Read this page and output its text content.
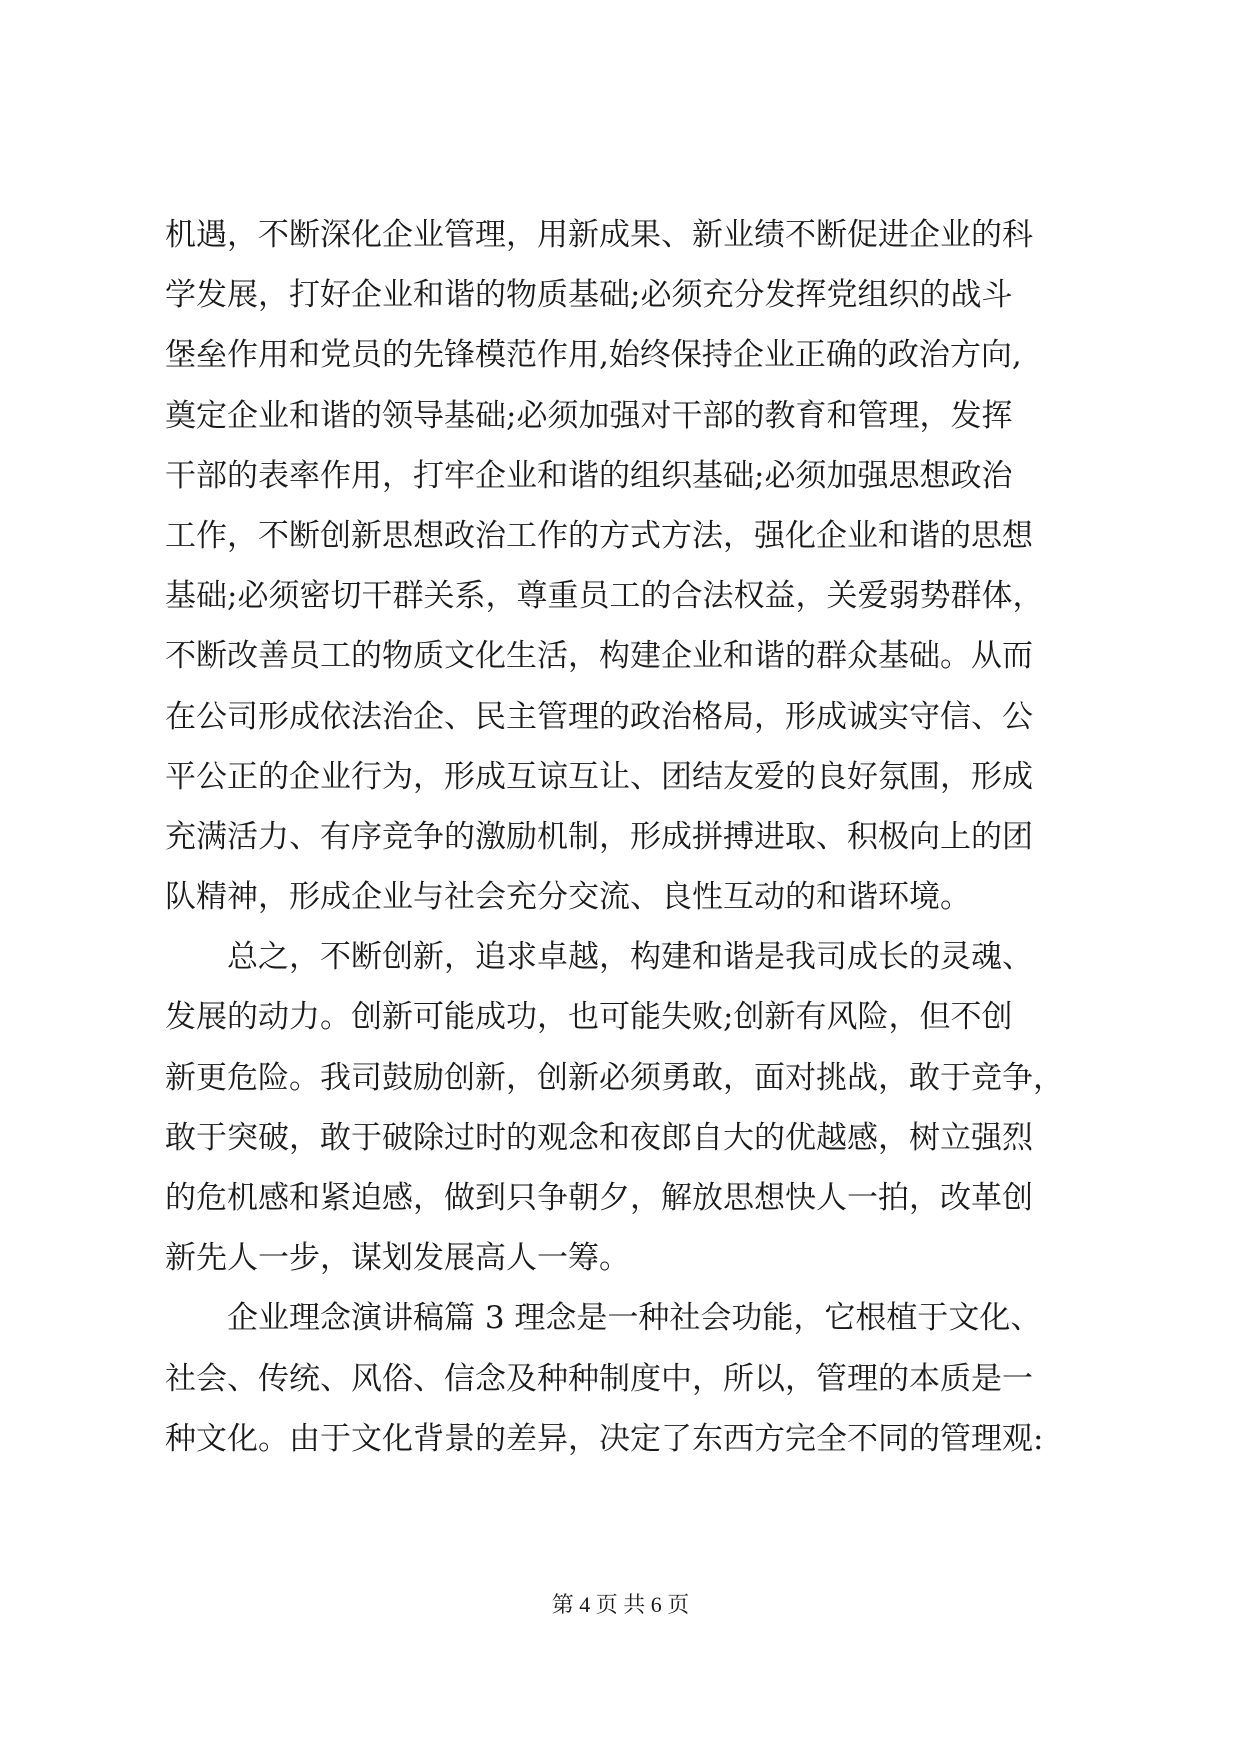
机遇，不断深化企业管理，用新成果、新业绩不断促进企业的科
学发展，打好企业和谐的物质基础;必须充分发挥党组织的战斗
堡垒作用和党员的先锋模范作用,始终保持企业正确的政治方向,
奠定企业和谐的领导基础;必须加强对干部的教育和管理，发挥
干部的表率作用，打牢企业和谐的组织基础;必须加强思想政治
工作，不断创新思想政治工作的方式方法，强化企业和谐的思想
基础;必须密切干群关系，尊重员工的合法权益，关爱弱势群体，
不断改善员工的物质文化生活，构建企业和谐的群众基础。从而
在公司形成依法治企、民主管理的政治格局，形成诚实守信、公
平公正的企业行为，形成互谅互让、团结友爱的良好氛围，形成
充满活力、有序竞争的激励机制，形成拼搏进取、积极向上的团
队精神，形成企业与社会充分交流、良性互动的和谐环境。
　　总之，不断创新，追求卓越，构建和谐是我司成长的灵魂、
发展的动力。创新可能成功，也可能失败;创新有风险，但不创
新更危险。我司鼓励创新，创新必须勇敢，面对挑战，敢于竞争，
敢于突破，敢于破除过时的观念和夜郎自大的优越感，树立强烈
的危机感和紧迫感，做到只争朝夕，解放思想快人一拍，改革创
新先人一步，谋划发展高人一筹。
　　企业理念演讲稿篇 3 理念是一种社会功能，它根植于文化、
社会、传统、风俗、信念及种种制度中，所以，管理的本质是一
种文化。由于文化背景的差异，决定了东西方完全不同的管理观:
第 4 页 共 6 页
